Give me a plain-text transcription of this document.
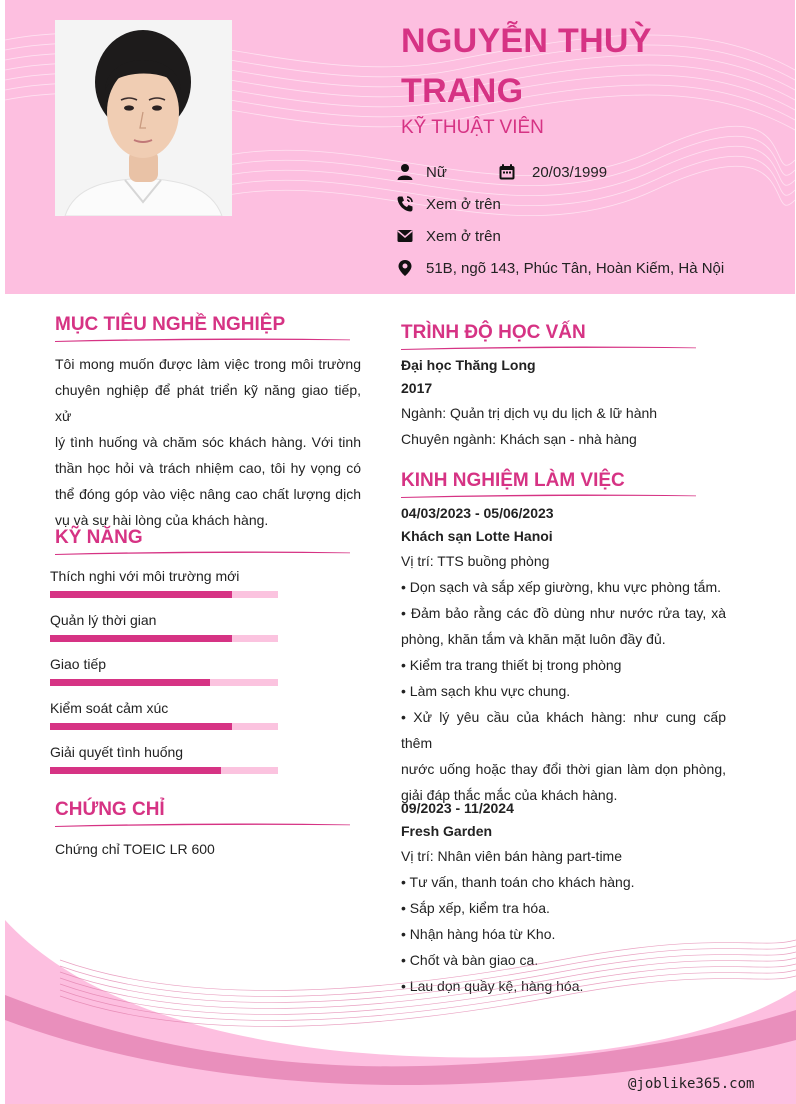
NGUYỄN THUỲ TRANG
KỸ THUẬT VIÊN
Nữ	20/03/1999
Xem ở trên
Xem ở trên
51B, ngõ 143, Phúc Tân, Hoàn Kiếm, Hà Nội
MỤC TIÊU NGHỀ NGHIỆP
Tôi mong muốn được làm việc trong môi trường
chuyên nghiệp để phát triển kỹ năng giao tiếp, xử
lý tình huống và chăm sóc khách hàng. Với tinh
thần học hỏi và trách nhiệm cao, tôi hy vọng có
thể đóng góp vào việc nâng cao chất lượng dịch
vụ và sự hài lòng của khách hàng.
KỸ NĂNG
Thích nghi với môi trường mới
Quản lý thời gian
Giao tiếp
Kiểm soát cảm xúc
Giải quyết tình huống
CHỨNG CHỈ
Chứng chỉ TOEIC LR 600
TRÌNH ĐỘ HỌC VẤN
Đại học Thăng Long
2017
Ngành: Quản trị dịch vụ du lịch & lữ hành
Chuyên ngành: Khách sạn - nhà hàng
KINH NGHIỆM LÀM VIỆC
04/03/2023 - 05/06/2023
Khách sạn Lotte Hanoi
Vị trí: TTS buồng phòng
• Dọn sạch và sắp xếp giường, khu vực phòng tắm.
• Đảm bảo rằng các đồ dùng như nước rửa tay, xà
phòng, khăn tắm và khăn mặt luôn đầy đủ.
• Kiểm tra trang thiết bị trong phòng
• Làm sạch khu vực chung.
• Xử lý yêu cầu của khách hàng: như cung cấp thêm
nước uống hoặc thay đổi thời gian làm dọn phòng,
giải đáp thắc mắc của khách hàng.
09/2023 - 11/2024
Fresh Garden
Vị trí: Nhân viên bán hàng part-time
• Tư vấn, thanh toán cho khách hàng.
• Sắp xếp, kiểm tra hóa.
• Nhận hàng hóa từ Kho.
• Chốt và bàn giao ca.
• Lau dọn quầy kệ, hàng hóa.
@joblike365.com
